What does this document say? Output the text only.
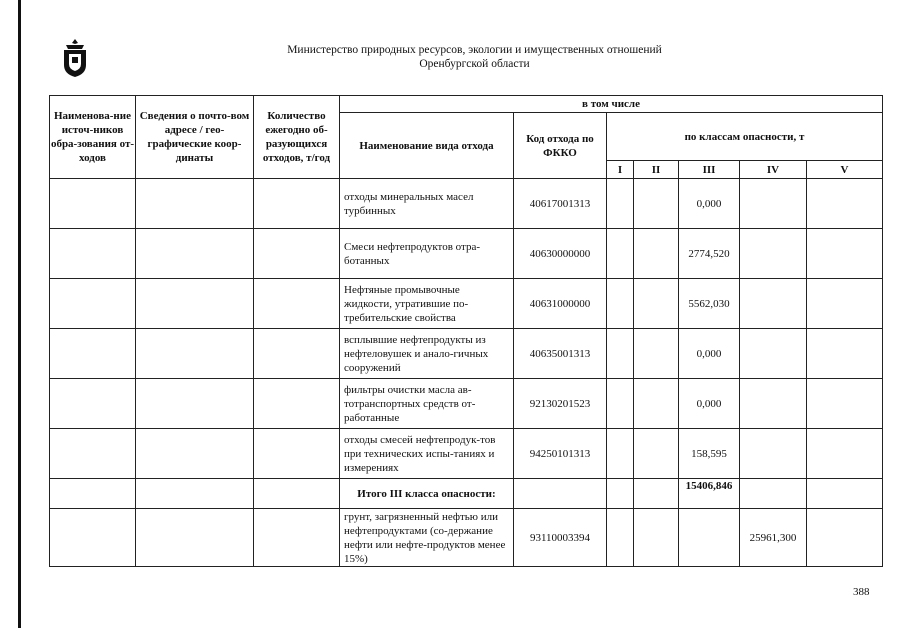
Министерство природных ресурсов, экологии и имущественных отношений
Оренбургской области
Наименова-ние источ-ников обра-зования от-ходов	Сведения о почто-вом адресе / гео-графические коор-динаты	Количество ежегодно об-разующихся отходов, т/год	в том числе						
			Наименование вида отхода	Код отхода по ФККО	по классам опасности, т				
					I	II	III	IV	V
			отходы минеральных масел турбинных	40617001313			0,000		
			Смеси нефтепродуктов отра-ботанных	40630000000			2774,520		
			Нефтяные промывочные жидкости, утратившие по-требительские свойства	40631000000			5562,030		
			всплывшие нефтепродукты из нефтеловушек и анало-гичных сооружений	40635001313			0,000		
			фильтры очистки масла ав-тотранспортных средств от-работанные	92130201523			0,000		
			отходы смесей нефтепродук-тов при технических испы-таниях и измерениях	94250101313			158,595		
			Итого III класса опасности:				15406,846		
			грунт, загрязненный нефтью или нефтепродуктами (со-держание нефти или нефте-продуктов менее 15%)	93110003394				25961,300	
388
